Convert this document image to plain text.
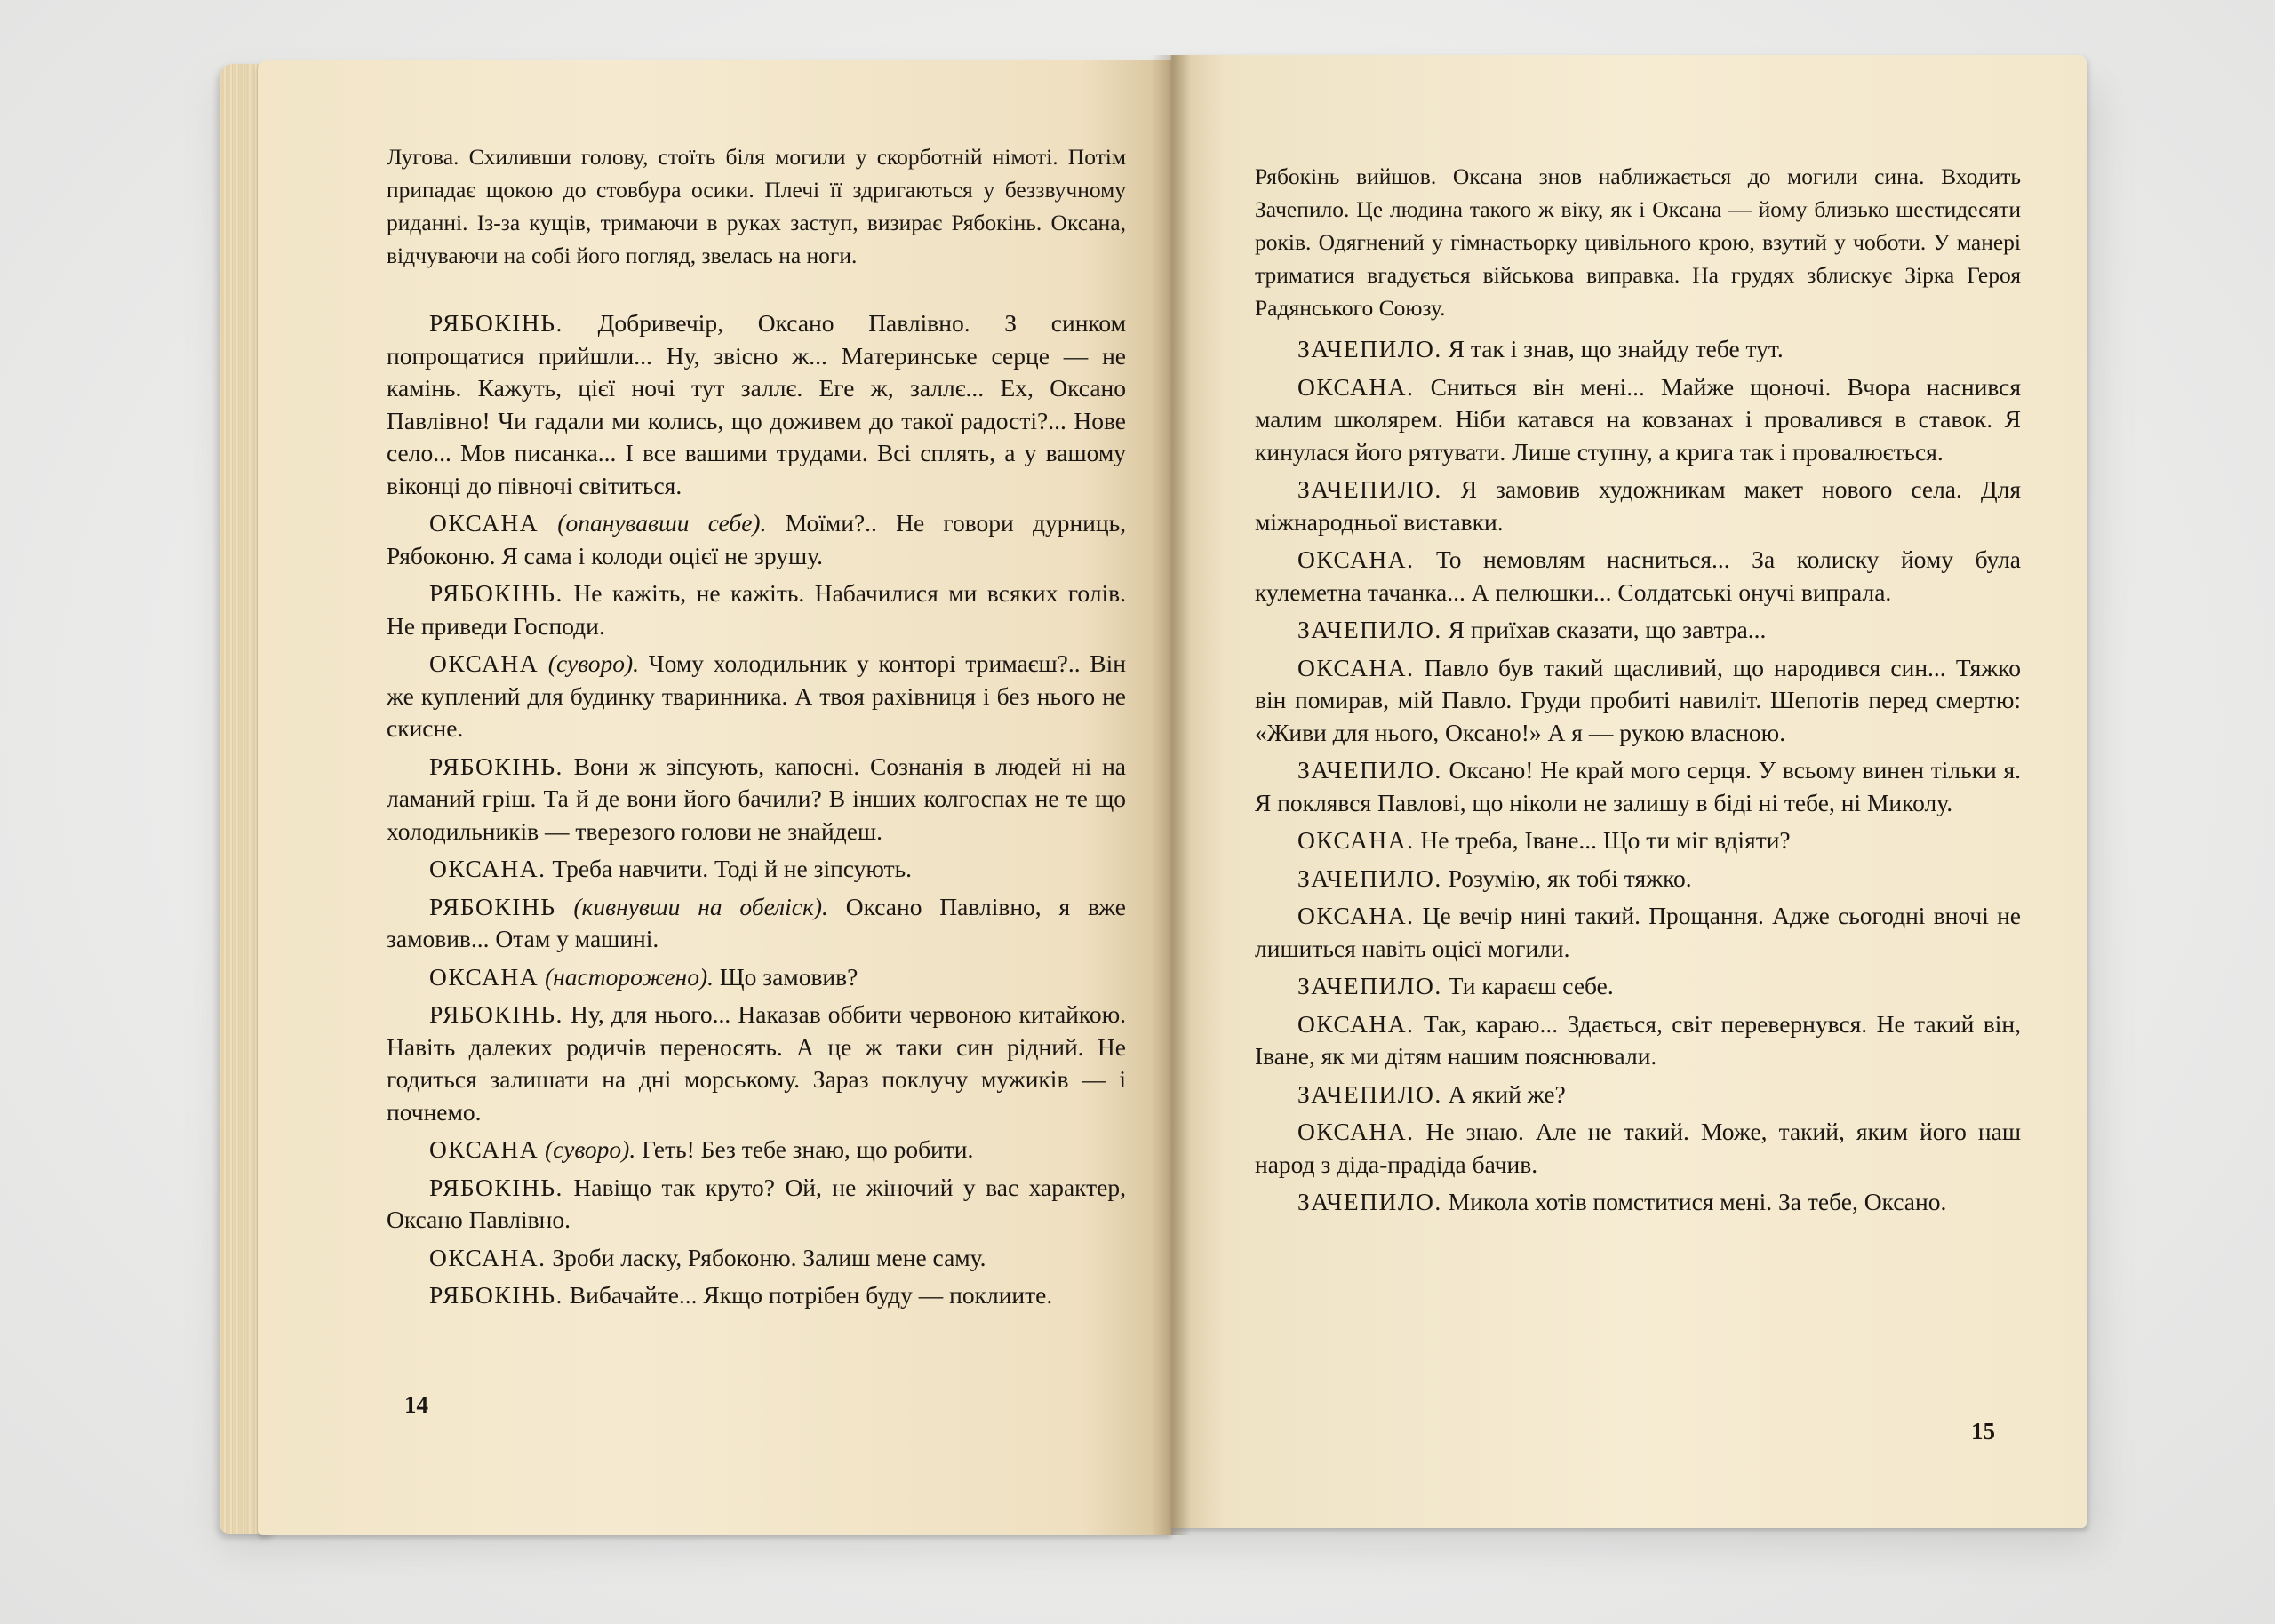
Лугова. Схиливши голову, стоїть біля могили у скорботній німоті. Потім припадає щокою до стовбура осики. Плечі її здригаються у беззвучному риданні. Із-за кущів, тримаючи в руках заступ, визирає Рябокінь. Оксана, відчуваючи на собі його погляд, звелась на ноги.

РЯБОКІНЬ. Добривечір, Оксано Павлівно. З синком попрощатися прийшли... Ну, звісно ж... Материнське серце — не камінь. Кажуть, цієї ночі тут заллє. Еге ж, заллє... Ех, Оксано Павлівно! Чи гадали ми колись, що доживем до такої радості?... Нове село... Мов писанка... І все вашими трудами. Всі сплять, а у вашому віконці до півночі світиться.

ОКСАНА (опанувавши себе). Моїми?.. Не говори дурниць, Рябоконю. Я сама і колоди оцієї не зрушу.

РЯБОКІНЬ. Не кажіть, не кажіть. Набачилися ми всяких голів. Не приведи Господи.

ОКСАНА (суворо). Чому холодильник у конторі тримаєш?.. Він же куплений для будинку тваринника. А твоя рахівниця і без нього не скисне.

РЯБОКІНЬ. Вони ж зіпсують, капосні. Сознанія в людей ні на ламаний гріш. Та й де вони його бачили? В інших колгоспах не те що холодильників — тверезого голови не знайдеш.

ОКСАНА. Треба навчити. Тоді й не зіпсують.

РЯБОКІНЬ (кивнувши на обеліск). Оксано Павлівно, я вже замовив... Отам у машині.

ОКСАНА (насторожено). Що замовив?

РЯБОКІНЬ. Ну, для нього... Наказав оббити червоною китайкою. Навіть далеких родичів переносять. А це ж таки син рідний. Не годиться залишати на дні морському. Зараз поклучу мужиків — і почнемо.

ОКСАНА (суворо). Геть! Без тебе знаю, що робити.

РЯБОКІНЬ. Навіщо так круто? Ой, не жіночий у вас характер, Оксано Павлівно.

ОКСАНА. Зроби ласку, Рябоконю. Залиш мене саму.

РЯБОКІНЬ. Вибачайте... Якщо потрібен буду — поклиите.

14

Рябокінь вийшов. Оксана знов наближається до могили сина. Входить Зачепило. Це людина такого ж віку, як і Оксана — йому близько шестидесяти років. Одягнений у гімнастьорку цивільного крою, взутий у чоботи. У манері триматися вгадується військова виправка. На грудях зблискує Зірка Героя Радянського Союзу.

ЗАЧЕПИЛО. Я так і знав, що знайду тебе тут.

ОКСАНА. Сниться він мені... Майже щоночі. Вчора наснився малим школярем. Ніби катався на ковзанах і провалився в ставок. Я кинулася його рятувати. Лише ступну, а крига так і провалюється.

ЗАЧЕПИЛО. Я замовив художникам макет нового села. Для міжнародньої виставки.

ОКСАНА. То немовлям насниться... За колиску йому була кулеметна тачанка... А пелюшки... Солдатські онучі випрала.

ЗАЧЕПИЛО. Я приїхав сказати, що завтра...

ОКСАНА. Павло був такий щасливий, що народився син... Тяжко він помирав, мій Павло. Груди пробиті навиліт. Шепотів перед смертю: «Живи для нього, Оксано!» А я — рукою власною.

ЗАЧЕПИЛО. Оксано! Не край мого серця. У всьому винен тільки я. Я поклявся Павлові, що ніколи не залишу в біді ні тебе, ні Миколу.

ОКСАНА. Не треба, Іване... Що ти міг вдіяти?

ЗАЧЕПИЛО. Розумію, як тобі тяжко.

ОКСАНА. Це вечір нині такий. Прощання. Адже сьогодні вночі не лишиться навіть оцієї могили.

ЗАЧЕПИЛО. Ти караєш себе.

ОКСАНА. Так, караю... Здається, світ перевернувся. Не такий він, Іване, як ми дітям нашим пояснювали.

ЗАЧЕПИЛО. А який же?

ОКСАНА. Не знаю. Але не такий. Може, такий, яким його наш народ з діда-прадіда бачив.

ЗАЧЕПИЛО. Микола хотів помститися мені. За тебе, Оксано.

15
